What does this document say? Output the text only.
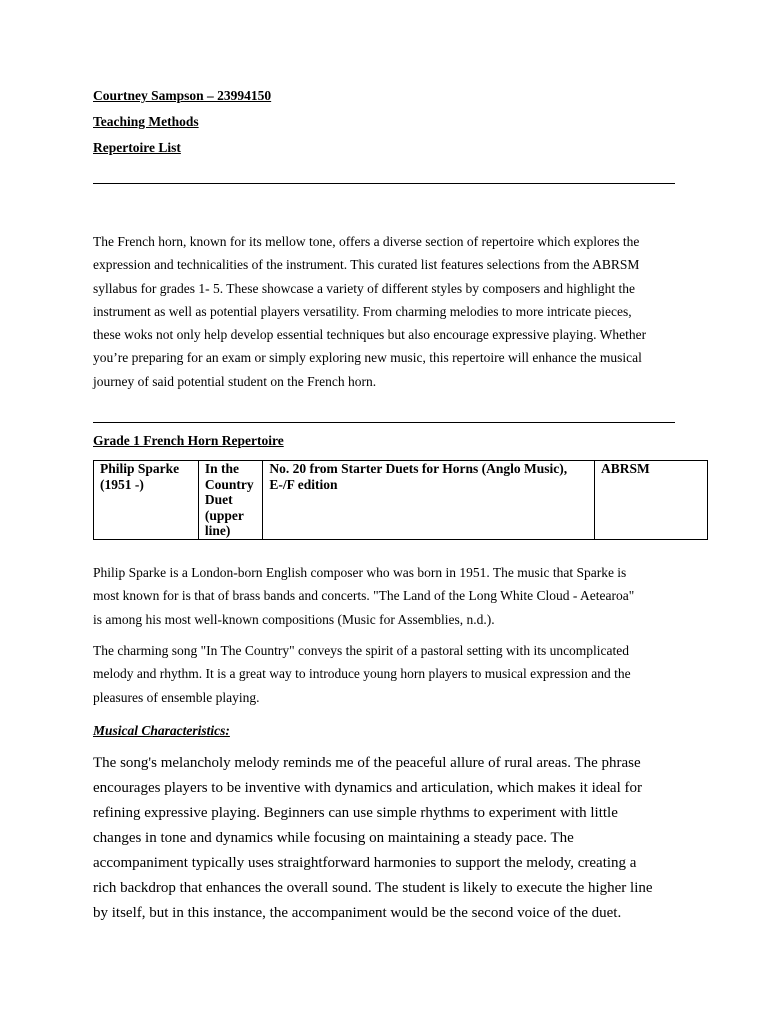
Courtney Sampson – 23994150
Teaching Methods
Repertoire List
The French horn, known for its mellow tone, offers a diverse section of repertoire which explores the
expression and technicalities of the instrument. This curated list features selections from the ABRSM
syllabus for grades 1- 5. These showcase a variety of different styles by composers and highlight the
instrument as well as potential players versatility. From charming melodies to more intricate pieces,
these woks not only help develop essential techniques but also encourage expressive playing. Whether
you’re preparing for an exam or simply exploring new music, this repertoire will enhance the musical
journey of said potential student on the French horn.
Grade 1 French Horn Repertoire
Philip Sparke
(1951 -)

In the
Country
Duet
(upper
line)

No. 20 from Starter Duets for Horns (Anglo Music),
E-/F edition

ABRSM
Philip Sparke is a London-born English composer who was born in 1951. The music that Sparke is
most known for is that of brass bands and concerts. "The Land of the Long White Cloud - Aetearoa"
is among his most well-known compositions (Music for Assemblies, n.d.).
The charming song "In The Country" conveys the spirit of a pastoral setting with its uncomplicated
melody and rhythm. It is a great way to introduce young horn players to musical expression and the
pleasures of ensemble playing.
Musical Characteristics:
The song's melancholy melody reminds me of the peaceful allure of rural areas. The phrase
encourages players to be inventive with dynamics and articulation, which makes it ideal for
refining expressive playing. Beginners can use simple rhythms to experiment with little
changes in tone and dynamics while focusing on maintaining a steady pace. The
accompaniment typically uses straightforward harmonies to support the melody, creating a
rich backdrop that enhances the overall sound. The student is likely to execute the higher line
by itself, but in this instance, the accompaniment would be the second voice of the duet.
